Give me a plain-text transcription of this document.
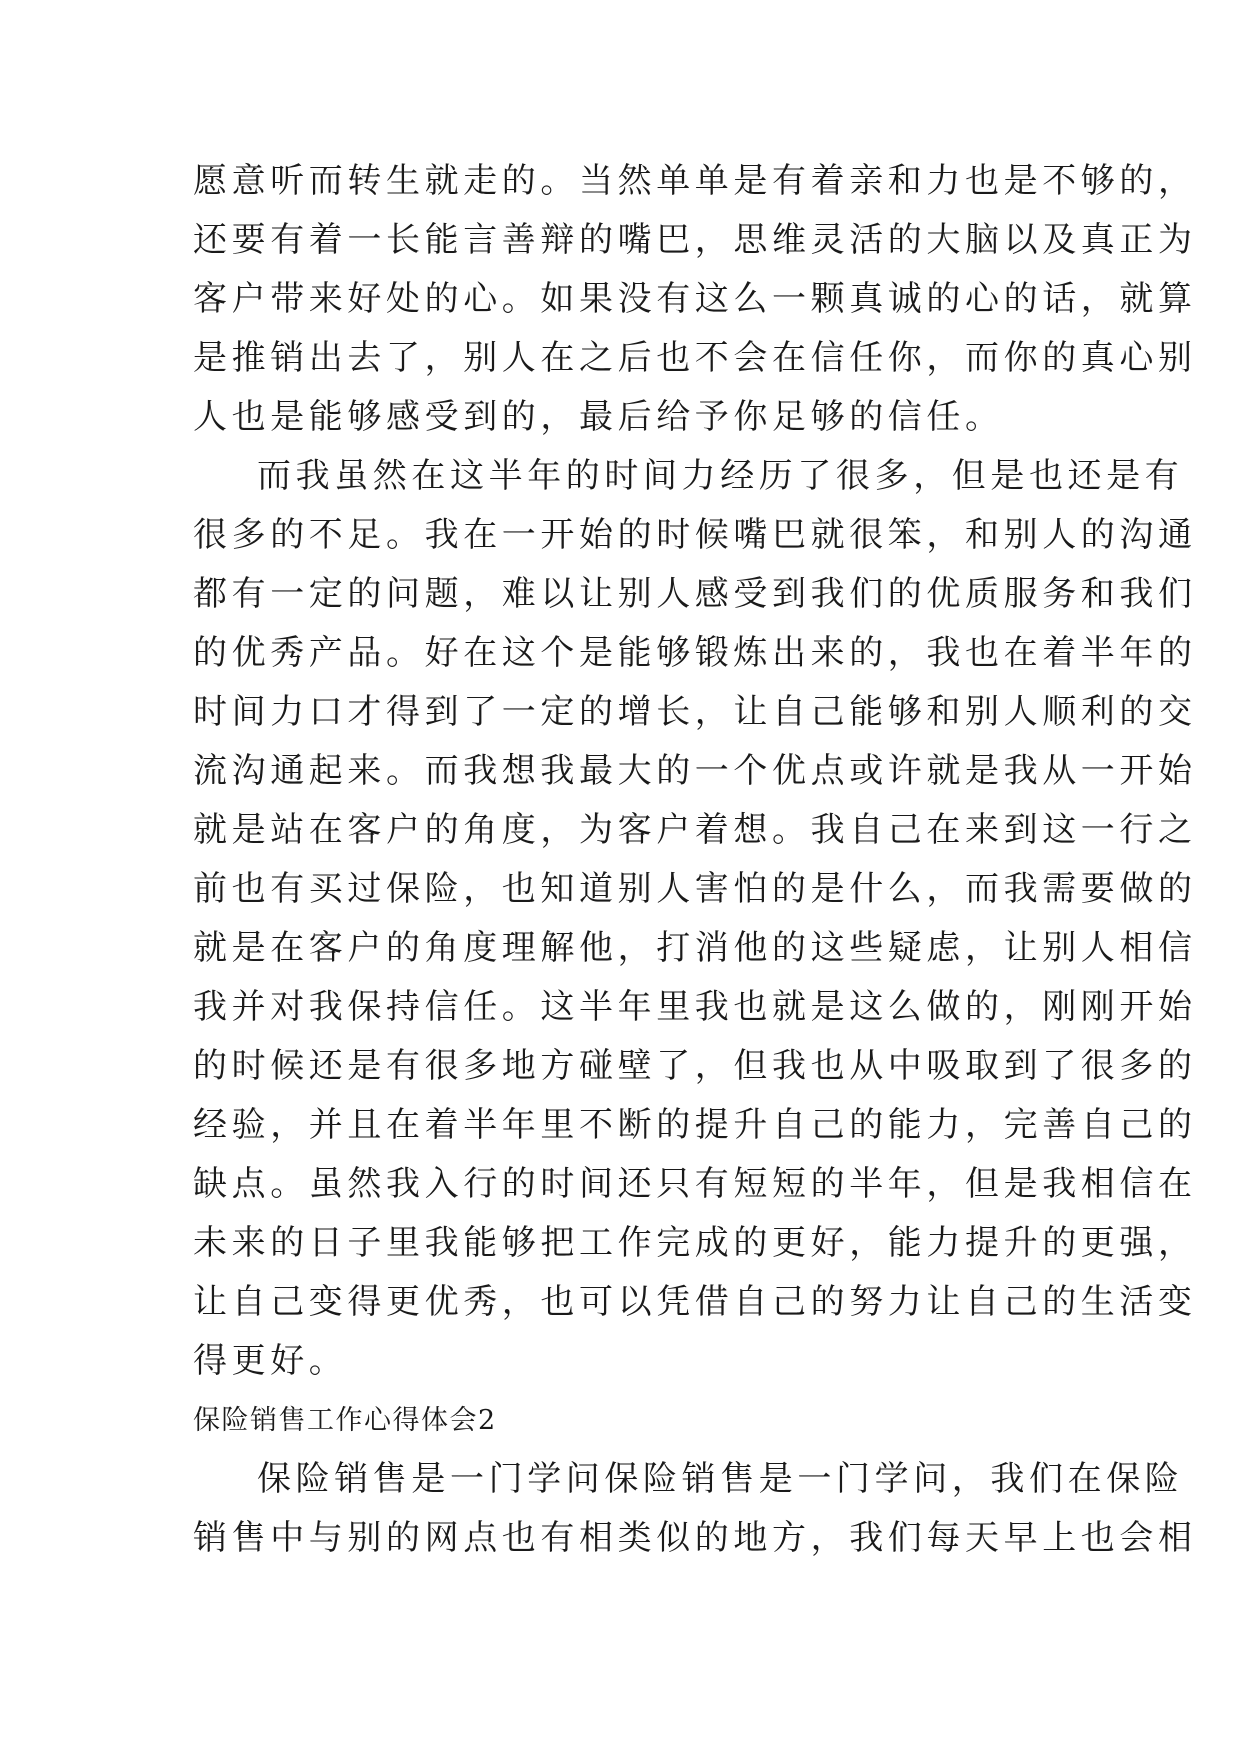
愿意听而转生就走的。当然单单是有着亲和力也是不够的，
还要有着一长能言善辩的嘴巴，思维灵活的大脑以及真正为
客户带来好处的心。如果没有这么一颗真诚的心的话，就算
是推销出去了，别人在之后也不会在信任你，而你的真心别
人也是能够感受到的，最后给予你足够的信任。
而我虽然在这半年的时间力经历了很多，但是也还是有
很多的不足。我在一开始的时候嘴巴就很笨，和别人的沟通
都有一定的问题，难以让别人感受到我们的优质服务和我们
的优秀产品。好在这个是能够锻炼出来的，我也在着半年的
时间力口才得到了一定的增长，让自己能够和别人顺利的交
流沟通起来。而我想我最大的一个优点或许就是我从一开始
就是站在客户的角度，为客户着想。我自己在来到这一行之
前也有买过保险，也知道别人害怕的是什么，而我需要做的
就是在客户的角度理解他，打消他的这些疑虑，让别人相信
我并对我保持信任。这半年里我也就是这么做的，刚刚开始
的时候还是有很多地方碰壁了，但我也从中吸取到了很多的
经验，并且在着半年里不断的提升自己的能力，完善自己的
缺点。虽然我入行的时间还只有短短的半年，但是我相信在
未来的日子里我能够把工作完成的更好，能力提升的更强，
让自己变得更优秀，也可以凭借自己的努力让自己的生活变
得更好。
保险销售工作心得体会2
保险销售是一门学问保险销售是一门学问，我们在保险
销售中与别的网点也有相类似的地方，我们每天早上也会相
